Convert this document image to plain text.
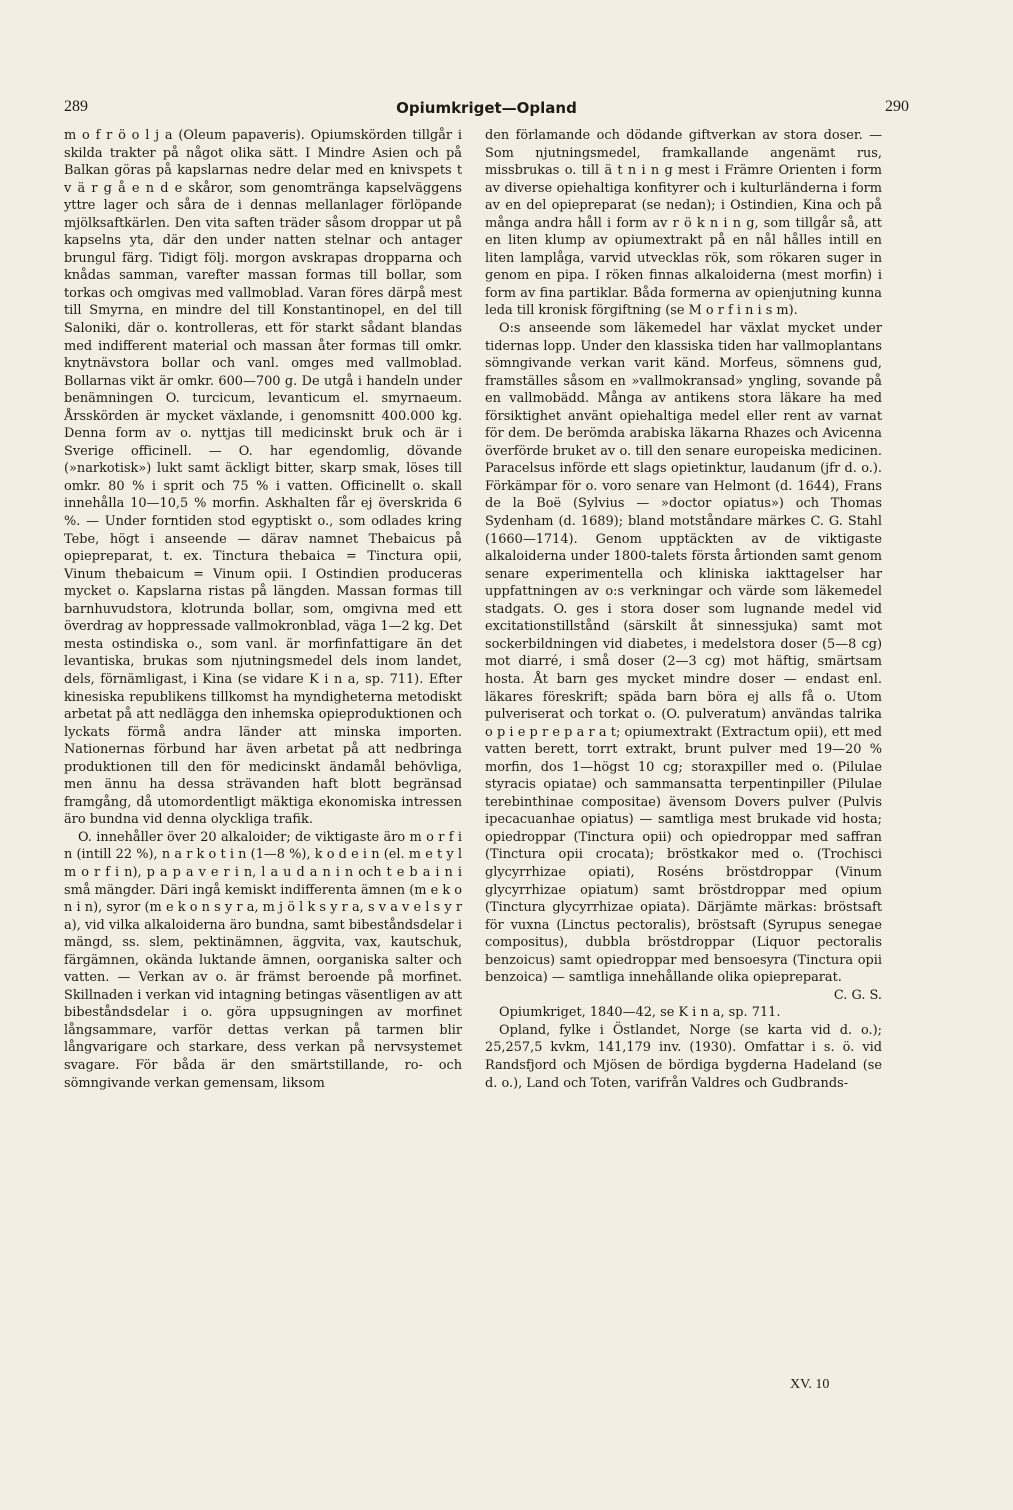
289	Opiumkriget—Opland	290

m o f r ö o l j a (Oleum papaveris). Opiumskörden tillgår i skilda trakter på något olika sätt. I Mindre Asien och på Balkan göras på kapslarnas nedre delar med en knivspets t v ä r g å e n d e skåror, som genomtränga kapselväggens yttre lager och såra de i dennas mellanlager förlöpande mjölksaftkärlen. Den vita saften träder såsom droppar ut på kapselns yta, där den under natten stelnar och antager brungul färg. Tidigt följ. morgon avskrapas dropparna och knådas samman, varefter massan formas till bollar, som torkas och omgivas med vallmoblad. Varan föres därpå mest till Smyrna, en mindre del till Konstantinopel, en del till Saloniki, där o. kontrolleras, ett för starkt sådant blandas med indifferent material och massan åter formas till omkr. knytnävstora bollar och vanl. omges med vallmoblad. Bollarnas vikt är omkr. 600—700 g. De utgå i handeln under benämningen O. turcicum, levanticum el. smyrnaeum. Årsskörden är mycket växlande, i genomsnitt 400.000 kg. Denna form av o. nyttjas till medicinskt bruk och är i Sverige officinell. — O. har egendomlig, dövande (»narkotisk») lukt samt äckligt bitter, skarp smak, löses till omkr. 80 % i sprit och 75 % i vatten. Officinellt o. skall innehålla 10—10,5 % morfin. Askhalten får ej överskrida 6 %. — Under forntiden stod egyptiskt o., som odlades kring Tebe, högt i anseende — därav namnet Thebaicus på opiepreparat, t. ex. Tinctura thebaica = Tinctura opii, Vinum thebaicum = Vinum opii. I Ostindien produceras mycket o. Kapslarna ristas på längden. Massan formas till barnhuvudstora, klotrunda bollar, som, omgivna med ett överdrag av hoppressade vallmokronblad, väga 1—2 kg. Det mesta ostindiska o., som vanl. är morfinfattigare än det levantiska, brukas som njutningsmedel dels inom landet, dels, förnämligast, i Kina (se vidare K i n a, sp. 711). Efter kinesiska republikens tillkomst ha myndigheterna metodiskt arbetat på att nedlägga den inhemska opieproduktionen och lyckats förmå andra länder att minska importen. Nationernas förbund har även arbetat på att nedbringa produktionen till den för medicinskt ändamål behövliga, men ännu ha dessa strävanden haft blott begränsad framgång, då utomordentligt mäktiga ekonomiska intressen äro bundna vid denna olyckliga trafik.

O. innehåller över 20 alkaloider; de viktigaste äro m o r f i n (intill 22 %), n a r k o t i n (1—8 %), k o d e i n (el. m e t y l m o r f i n), p a p a v e r i n, l a u d a n i n och t e b a i n i små mängder. Däri ingå kemiskt indifferenta ämnen (m e k o n i n), syror (m e k o n s y r a, m j ö l k s y r a, s v a v e l s y r a), vid vilka alkaloiderna äro bundna, samt bibeståndsdelar i mängd, ss. slem, pektinämnen, äggvita, vax, kautschuk, färgämnen, okända luktande ämnen, oorganiska salter och vatten. — Verkan av o. är främst beroende på morfinet. Skillnaden i verkan vid intagning betingas väsentligen av att bibeståndsdelar i o. göra uppsugningen av morfinet långsammare, varför dettas verkan på tarmen blir långvarigare och starkare, dess verkan på nervsystemet svagare. För båda är den smärtstillande, ro- och sömngivande verkan gemensam, liksom

den förlamande och dödande giftverkan av stora doser. — Som njutningsmedel, framkallande angenämt rus, missbrukas o. till ä t n i n g mest i Främre Orienten i form av diverse opiehaltiga konfityrer och i kulturländerna i form av en del opiepreparat (se nedan); i Ostindien, Kina och på många andra håll i form av r ö k n i n g, som tillgår så, att en liten klump av opiumextrakt på en nål hålles intill en liten lamplåga, varvid utvecklas rök, som rökaren suger in genom en pipa. I röken finnas alkaloiderna (mest morfin) i form av fina partiklar. Båda formerna av opienjutning kunna leda till kronisk förgiftning (se M o r f i n i s m).

O:s anseende som läkemedel har växlat mycket under tidernas lopp. Under den klassiska tiden har vallmoplantans sömngivande verkan varit känd. Morfeus, sömnens gud, framställes såsom en »vallmokransad» yngling, sovande på en vallmobädd. Många av antikens stora läkare ha med försiktighet använt opiehaltiga medel eller rent av varnat för dem. De berömda arabiska läkarna Rhazes och Avicenna överförde bruket av o. till den senare europeiska medicinen. Paracelsus införde ett slags opietinktur, laudanum (jfr d. o.). Förkämpar för o. voro senare van Helmont (d. 1644), Frans de la Boë (Sylvius — »doctor opiatus») och Thomas Sydenham (d. 1689); bland motståndare märkes C. G. Stahl (1660—1714). Genom upptäckten av de viktigaste alkaloiderna under 1800-talets första årtionden samt genom senare experimentella och kliniska iakttagelser har uppfattningen av o:s verkningar och värde som läkemedel stadgats. O. ges i stora doser som lugnande medel vid excitationstillstånd (särskilt åt sinnessjuka) samt mot sockerbildningen vid diabetes, i medelstora doser (5—8 cg) mot diarré, i små doser (2—3 cg) mot häftig, smärtsam hosta. Åt barn ges mycket mindre doser — endast enl. läkares föreskrift; späda barn böra ej alls få o. Utom pulveriserat och torkat o. (O. pulveratum) användas talrika o p i e p r e p a r a t; opiumextrakt (Extractum opii), ett med vatten berett, torrt extrakt, brunt pulver med 19—20 % morfin, dos 1—högst 10 cg; storaxpiller med o. (Pilulae styracis opiatae) och sammansatta terpentinpiller (Pilulae terebinthinae compositae) ävensom Dovers pulver (Pulvis ipecacuanhae opiatus) — samtliga mest brukade vid hosta; opiedroppar (Tinctura opii) och opiedroppar med saffran (Tinctura opii crocata); bröstkakor med o. (Trochisci glycyrrhizae opiati), Roséns bröstdroppar (Vinum glycyrrhizae opiatum) samt bröstdroppar med opium (Tinctura glycyrrhizae opiata). Därjämte märkas: bröstsaft för vuxna (Linctus pectoralis), bröstsaft (Syrupus senegae compositus), dubbla bröstdroppar (Liquor pectoralis benzoicus) samt opiedroppar med bensoesyra (Tinctura opii benzoica) — samtliga innehållande olika opiepreparat.

C. G. S.

Opiumkriget, 1840—42, se K i n a, sp. 711.

Opland, fylke i Östlandet, Norge (se karta vid d. o.); 25,257,5 kvkm, 141,179 inv. (1930). Omfattar i s. ö. vid Randsfjord och Mjösen de bördiga bygderna Hadeland (se d. o.), Land och Toten, varifrån Valdres och Gudbrands-

XV. 10
